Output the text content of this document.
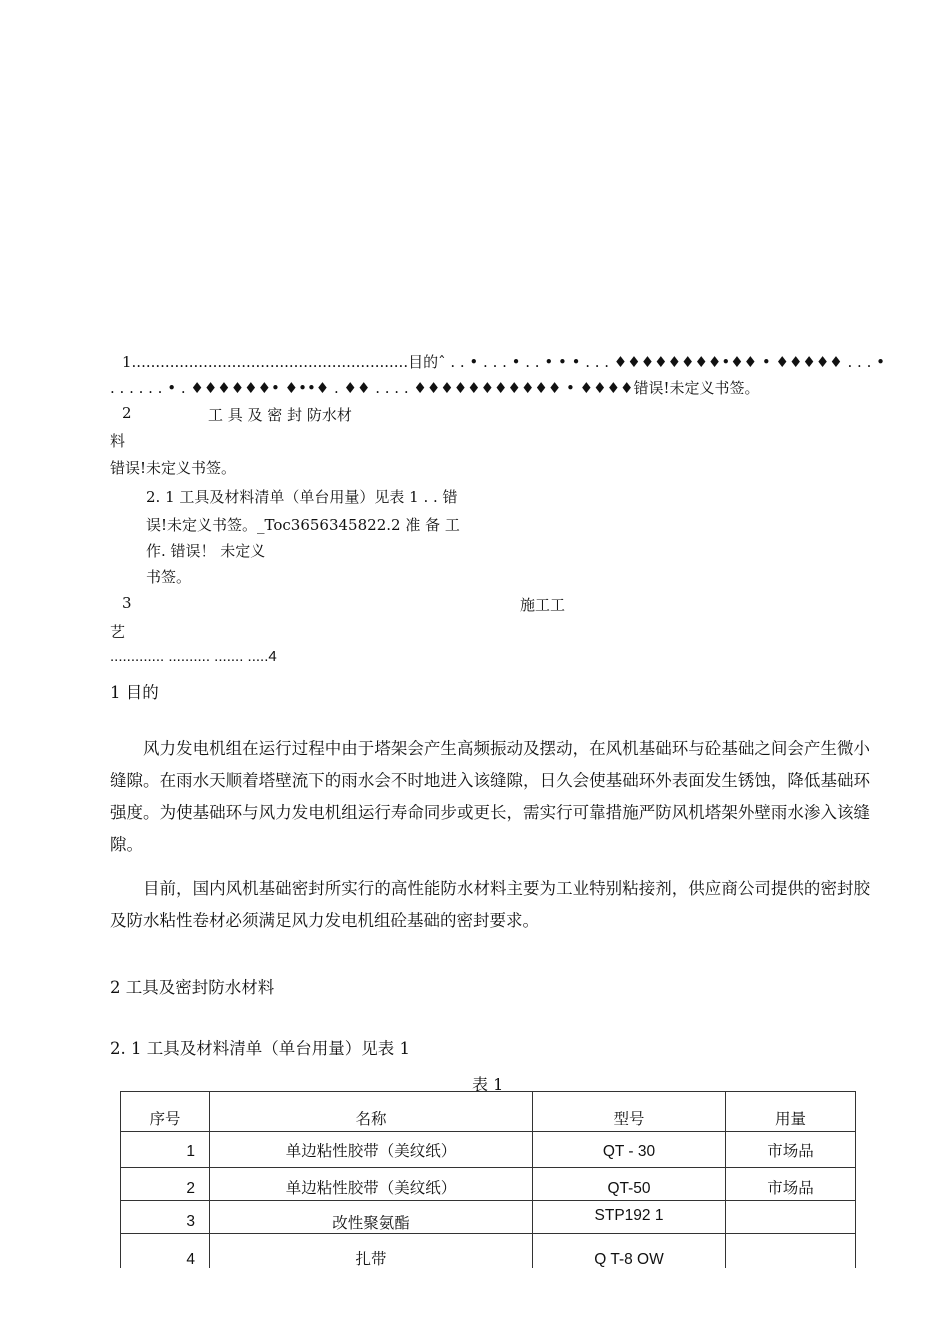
1..........................................................目的ˆ . . • . . . • . . • • • . . . ♦♦♦♦♦♦♦♦•♦♦ • ♦♦♦♦♦ . . . •
. . . . . . • . ♦♦♦♦♦♦• ♦••♦ . ♦♦ . . . . ♦♦♦♦♦♦♦♦♦♦♦ • ♦♦♦♦错误!未定义书签。
2	工 具 及 密 封 防水材
料
错误!未定义书签。
2. 1 工具及材料清单（单台用量）见表 1 . . 错
误!未定义书签。_Toc3656345822.2 准 备 工
作. 错误！ 未定义
书签。
3	施工工
艺
............. .......... ....... .....4
1 目的
风力发电机组在运行过程中由于塔架会产生高频振动及摆动，在风机基础环与砼基础之间会产生微小缝隙。在雨水天顺着塔壁流下的雨水会不时地进入该缝隙，日久会使基础环外表面发生锈蚀，降低基础环强度。为使基础环与风力发电机组运行寿命同步或更长，需实行可靠措施严防风机塔架外壁雨水渗入该缝隙。
目前，国内风机基础密封所实行的高性能防水材料主要为工业特别粘接剂，供应商公司提供的密封胶及防水粘性卷材必须满足风力发电机组砼基础的密封要求。
2 工具及密封防水材料
2. 1 工具及材料清单（单台用量）见表 1
表 1
序号	名称	型号	用量
1	单边粘性胶带（美纹纸）	QT - 30	市场品
2	单边粘性胶带（美纹纸）	QT-50	市场品
3	改性聚氨酯	STP192 1	
4	扎带	Q T-8 OW	
